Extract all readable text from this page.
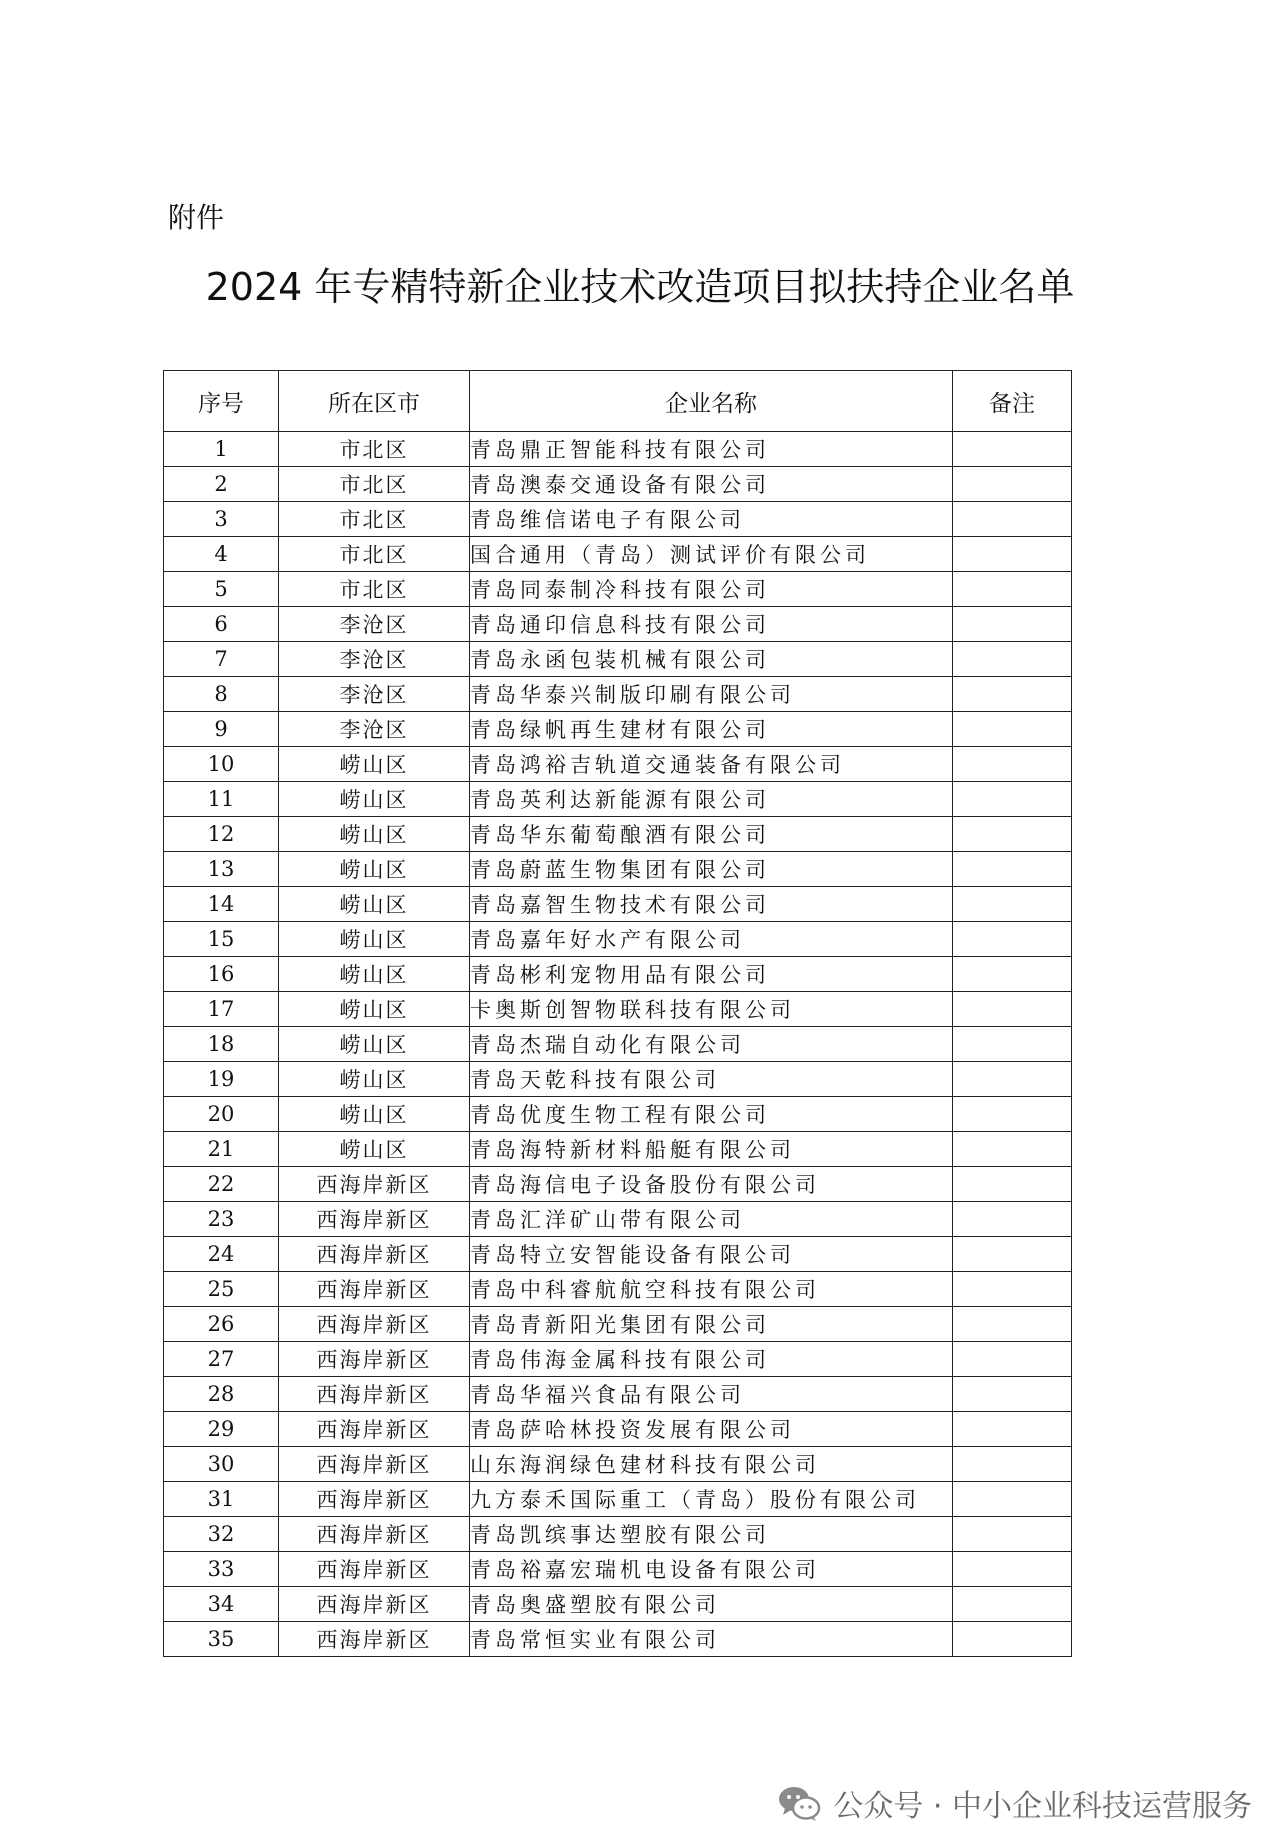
附件
2024 年专精特新企业技术改造项目拟扶持企业名单
序号	所在区市	企业名称	备注
1	市北区	青岛鼎正智能科技有限公司	
2	市北区	青岛澳泰交通设备有限公司	
3	市北区	青岛维信诺电子有限公司	
4	市北区	国合通用（青岛）测试评价有限公司	
5	市北区	青岛同泰制冷科技有限公司	
6	李沧区	青岛通印信息科技有限公司	
7	李沧区	青岛永函包装机械有限公司	
8	李沧区	青岛华泰兴制版印刷有限公司	
9	李沧区	青岛绿帆再生建材有限公司	
10	崂山区	青岛鸿裕吉轨道交通装备有限公司	
11	崂山区	青岛英利达新能源有限公司	
12	崂山区	青岛华东葡萄酿酒有限公司	
13	崂山区	青岛蔚蓝生物集团有限公司	
14	崂山区	青岛嘉智生物技术有限公司	
15	崂山区	青岛嘉年好水产有限公司	
16	崂山区	青岛彬利宠物用品有限公司	
17	崂山区	卡奥斯创智物联科技有限公司	
18	崂山区	青岛杰瑞自动化有限公司	
19	崂山区	青岛天乾科技有限公司	
20	崂山区	青岛优度生物工程有限公司	
21	崂山区	青岛海特新材料船艇有限公司	
22	西海岸新区	青岛海信电子设备股份有限公司	
23	西海岸新区	青岛汇洋矿山带有限公司	
24	西海岸新区	青岛特立安智能设备有限公司	
25	西海岸新区	青岛中科睿航航空科技有限公司	
26	西海岸新区	青岛青新阳光集团有限公司	
27	西海岸新区	青岛伟海金属科技有限公司	
28	西海岸新区	青岛华福兴食品有限公司	
29	西海岸新区	青岛萨哈林投资发展有限公司	
30	西海岸新区	山东海润绿色建材科技有限公司	
31	西海岸新区	九方泰禾国际重工（青岛）股份有限公司	
32	西海岸新区	青岛凯缤事达塑胶有限公司	
33	西海岸新区	青岛裕嘉宏瑞机电设备有限公司	
34	西海岸新区	青岛奥盛塑胶有限公司	
35	西海岸新区	青岛常恒实业有限公司	
公众号 · 中小企业科技运营服务
